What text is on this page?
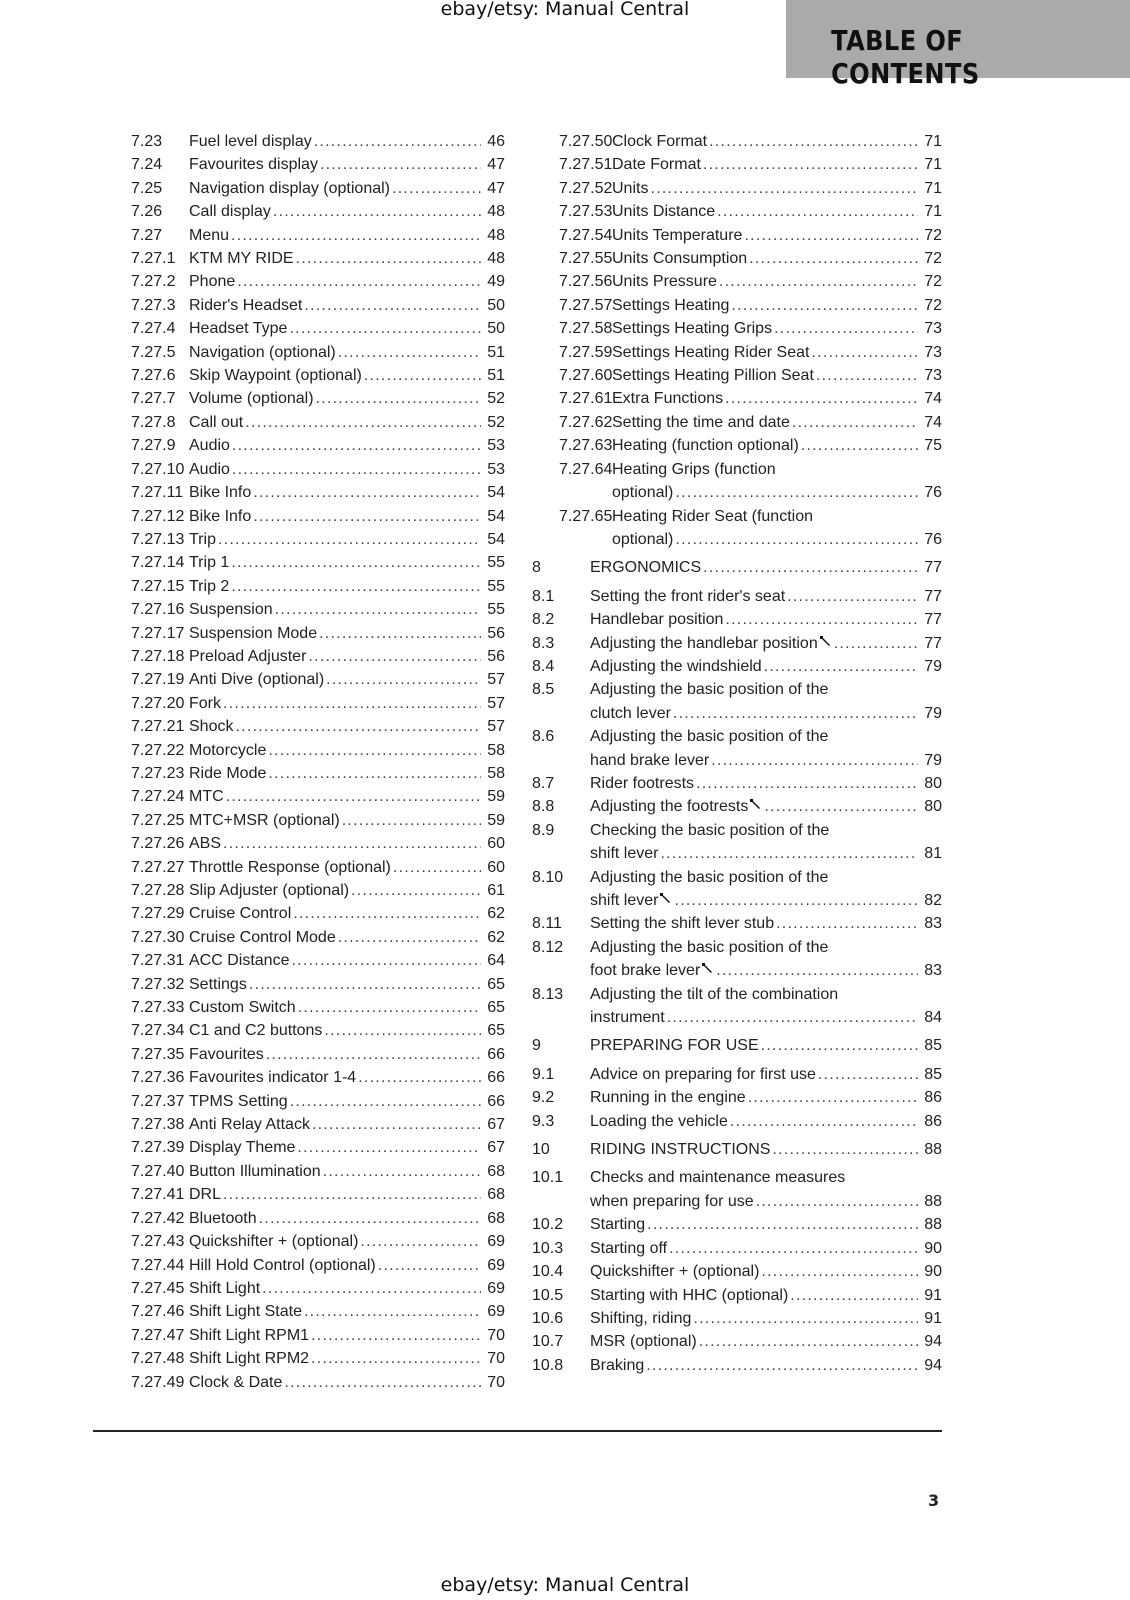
ebay/etsy: Manual Central
TABLE OF CONTENTS
7.23 Fuel level display . . .	46
7.24 Favourites display . . .	47
7.25 Navigation display (optional) . . .	47
7.26 Call display . . .	48
7.27 Menu . . .	48
7.27.1 KTM MY RIDE . . .	48
7.27.2 Phone . . .	49
7.27.3 Rider's Headset . . .	50
7.27.4 Headset Type . . .	50
7.27.5 Navigation (optional) . . .	51
7.27.6 Skip Waypoint (optional) . . .	51
7.27.7 Volume (optional) . . .	52
7.27.8 Call out . . .	52
7.27.9 Audio . . .	53
7.27.10 Audio . . .	53
7.27.11 Bike Info . . .	54
7.27.12 Bike Info . . .	54
7.27.13 Trip . . .	54
7.27.14 Trip 1 . . .	55
7.27.15 Trip 2 . . .	55
7.27.16 Suspension . . .	55
7.27.17 Suspension Mode . . .	56
7.27.18 Preload Adjuster . . .	56
7.27.19 Anti Dive (optional) . . .	57
7.27.20 Fork . . .	57
7.27.21 Shock . . .	57
7.27.22 Motorcycle . . .	58
7.27.23 Ride Mode . . .	58
7.27.24 MTC . . .	59
7.27.25 MTC+MSR (optional) . . .	59
7.27.26 ABS . . .	60
7.27.27 Throttle Response (optional) . . .	60
7.27.28 Slip Adjuster (optional) . . .	61
7.27.29 Cruise Control . . .	62
7.27.30 Cruise Control Mode . . .	62
7.27.31 ACC Distance . . .	64
7.27.32 Settings . . .	65
7.27.33 Custom Switch . . .	65
7.27.34 C1 and C2 buttons . . .	65
7.27.35 Favourites . . .	66
7.27.36 Favourites indicator 1-4 . . .	66
7.27.37 TPMS Setting . . .	66
7.27.38 Anti Relay Attack . . .	67
7.27.39 Display Theme . . .	67
7.27.40 Button Illumination . . .	68
7.27.41 DRL . . .	68
7.27.42 Bluetooth . . .	68
7.27.43 Quickshifter + (optional) . . .	69
7.27.44 Hill Hold Control (optional) . . .	69
7.27.45 Shift Light . . .	69
7.27.46 Shift Light State . . .	69
7.27.47 Shift Light RPM1 . . .	70
7.27.48 Shift Light RPM2 . . .	70
7.27.49 Clock & Date . . .	70
7.27.50 Clock Format . . .	71
7.27.51 Date Format . . .	71
7.27.52 Units . . .	71
7.27.53 Units Distance . . .	71
7.27.54 Units Temperature . . .	72
7.27.55 Units Consumption . . .	72
7.27.56 Units Pressure . . .	72
7.27.57 Settings Heating . . .	72
7.27.58 Settings Heating Grips . . .	73
7.27.59 Settings Heating Rider Seat . . .	73
7.27.60 Settings Heating Pillion Seat . . .	73
7.27.61 Extra Functions . . .	74
7.27.62 Setting the time and date . . .	74
7.27.63 Heating (function optional) . . .	75
7.27.64 Heating Grips (function
optional) . . .	76
7.27.65 Heating Rider Seat (function
optional) . . .	76
8	ERGONOMICS . . .	77
8.1 Setting the front rider's seat . . .	77
8.2 Handlebar position . . .	77
8.3 Adjusting the handlebar position . . .	77
8.4 Adjusting the windshield . . .	79
8.5 Adjusting the basic position of the
clutch lever . . .	79
8.6 Adjusting the basic position of the
hand brake lever . . .	79
8.7 Rider footrests . . .	80
8.8 Adjusting the footrests . . .	80
8.9 Checking the basic position of the
shift lever . . .	81
8.10 Adjusting the basic position of the
shift lever . . .	82
8.11 Setting the shift lever stub . . .	83
8.12 Adjusting the basic position of the
foot brake lever . . .	83
8.13 Adjusting the tilt of the combination
instrument . . .	84
9	PREPARING FOR USE . . .	85
9.1 Advice on preparing for first use . . .	85
9.2 Running in the engine . . .	86
9.3 Loading the vehicle . . .	86
10	RIDING INSTRUCTIONS . . .	88
10.1 Checks and maintenance measures
when preparing for use . . .	88
10.2 Starting . . .	88
10.3 Starting off . . .	90
10.4 Quickshifter + (optional) . . .	90
10.5 Starting with HHC (optional) . . .	91
10.6 Shifting, riding . . .	91
10.7 MSR (optional) . . .	94
10.8 Braking . . .	94
3
ebay/etsy: Manual Central
